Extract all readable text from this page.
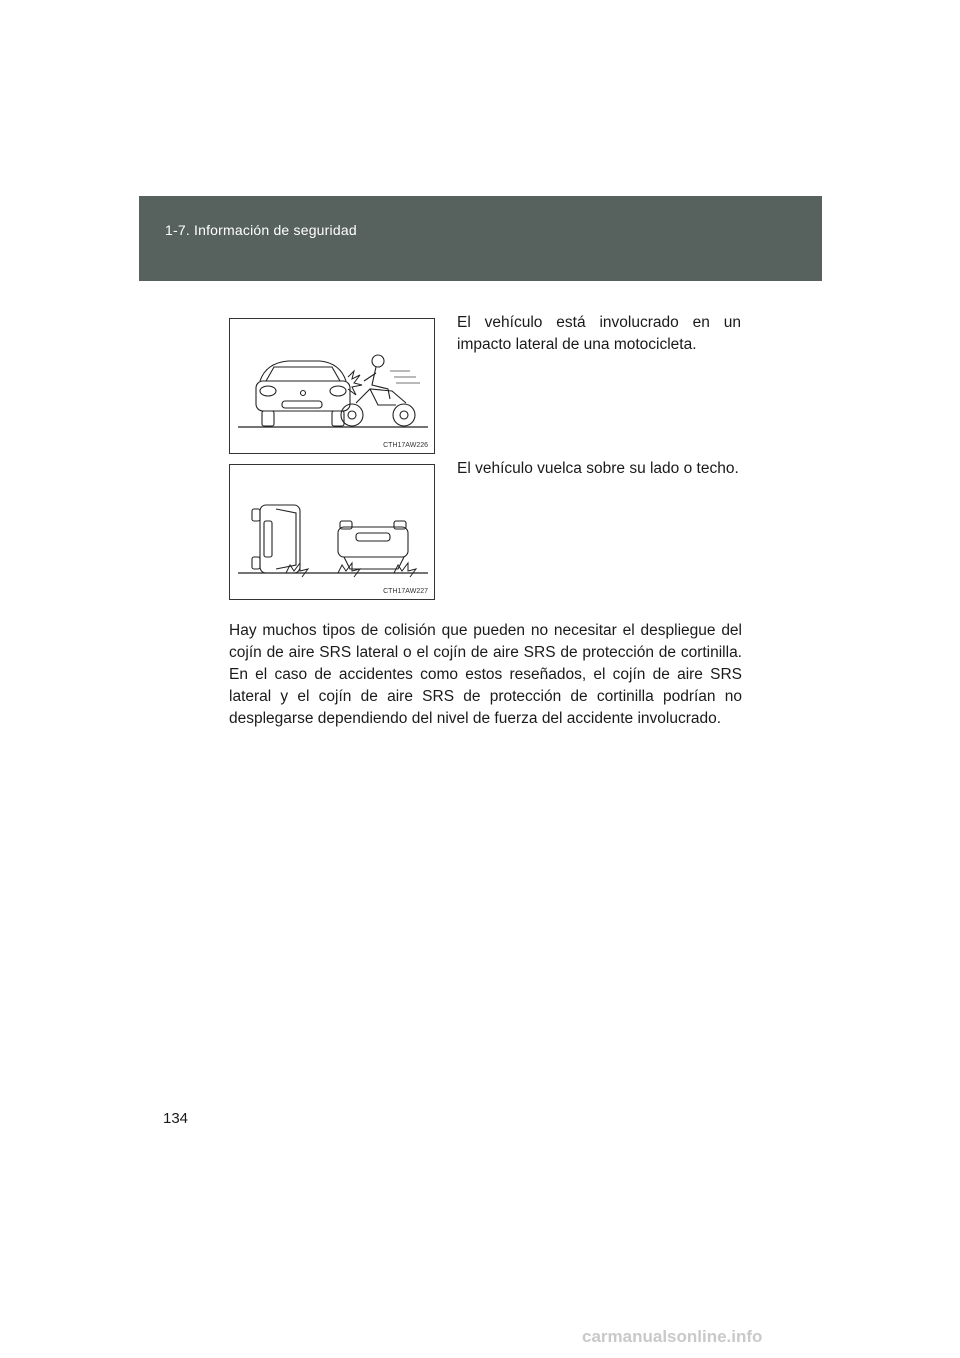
1-7. Información de seguridad
CTH17AW226
El vehículo está involucrado en un impacto lateral de una motocicleta.
CTH17AW227
El vehículo vuelca sobre su lado o techo.

Hay muchos tipos de colisión que pueden no necesitar el despliegue del cojín de aire SRS lateral o el cojín de aire SRS de protección de cortinilla. En el caso de accidentes como estos reseñados, el cojín de aire SRS lateral y el cojín de aire SRS de protección de cortinilla podrían no desplegarse dependiendo del nivel de fuerza del accidente involucrado.

134
carmanualsonline.info
